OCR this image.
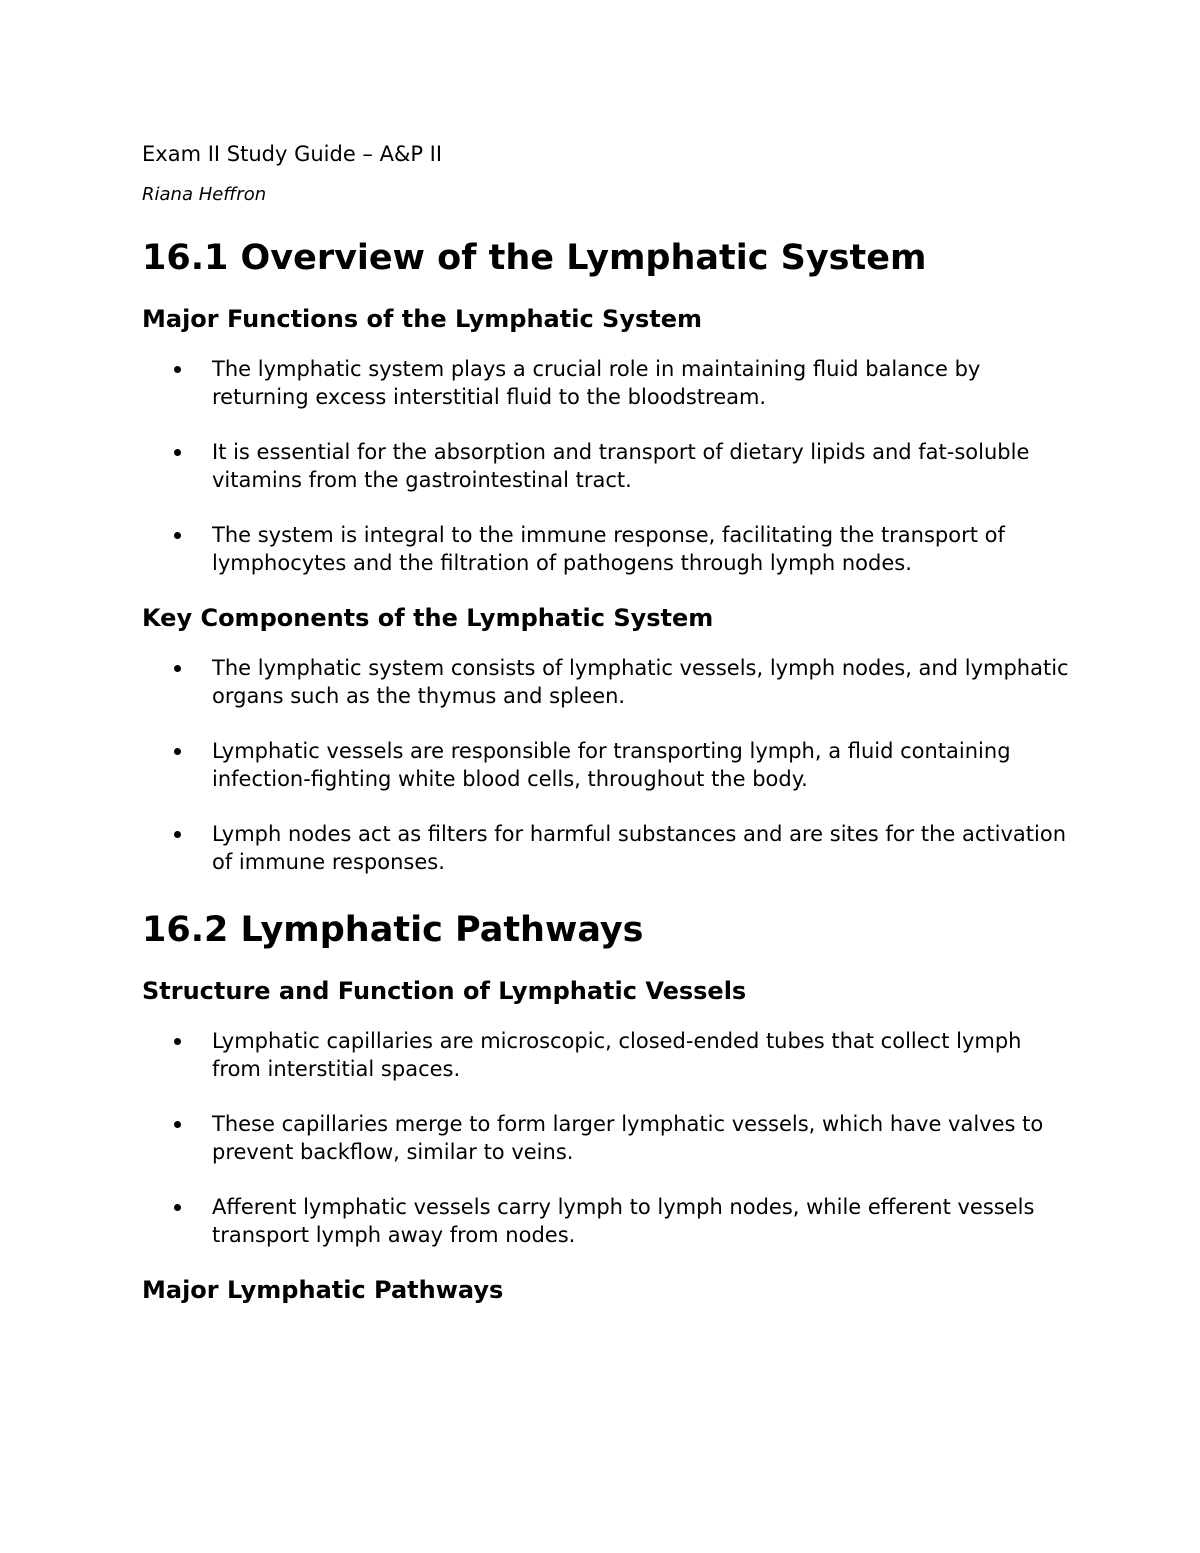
Exam II Study Guide – A&P II

Riana Heffron

16.1 Overview of the Lymphatic System
Major Functions of the Lymphatic System
The lymphatic system plays a crucial role in maintaining fluid balance by returning excess interstitial fluid to the bloodstream.
It is essential for the absorption and transport of dietary lipids and fat-soluble vitamins from the gastrointestinal tract.
The system is integral to the immune response, facilitating the transport of lymphocytes and the filtration of pathogens through lymph nodes.
Key Components of the Lymphatic System
The lymphatic system consists of lymphatic vessels, lymph nodes, and lymphatic organs such as the thymus and spleen.
Lymphatic vessels are responsible for transporting lymph, a fluid containing infection-fighting white blood cells, throughout the body.
Lymph nodes act as filters for harmful substances and are sites for the activation of immune responses.
16.2 Lymphatic Pathways
Structure and Function of Lymphatic Vessels
Lymphatic capillaries are microscopic, closed-ended tubes that collect lymph from interstitial spaces.
These capillaries merge to form larger lymphatic vessels, which have valves to prevent backflow, similar to veins.
Afferent lymphatic vessels carry lymph to lymph nodes, while efferent vessels transport lymph away from nodes.
Major Lymphatic Pathways
